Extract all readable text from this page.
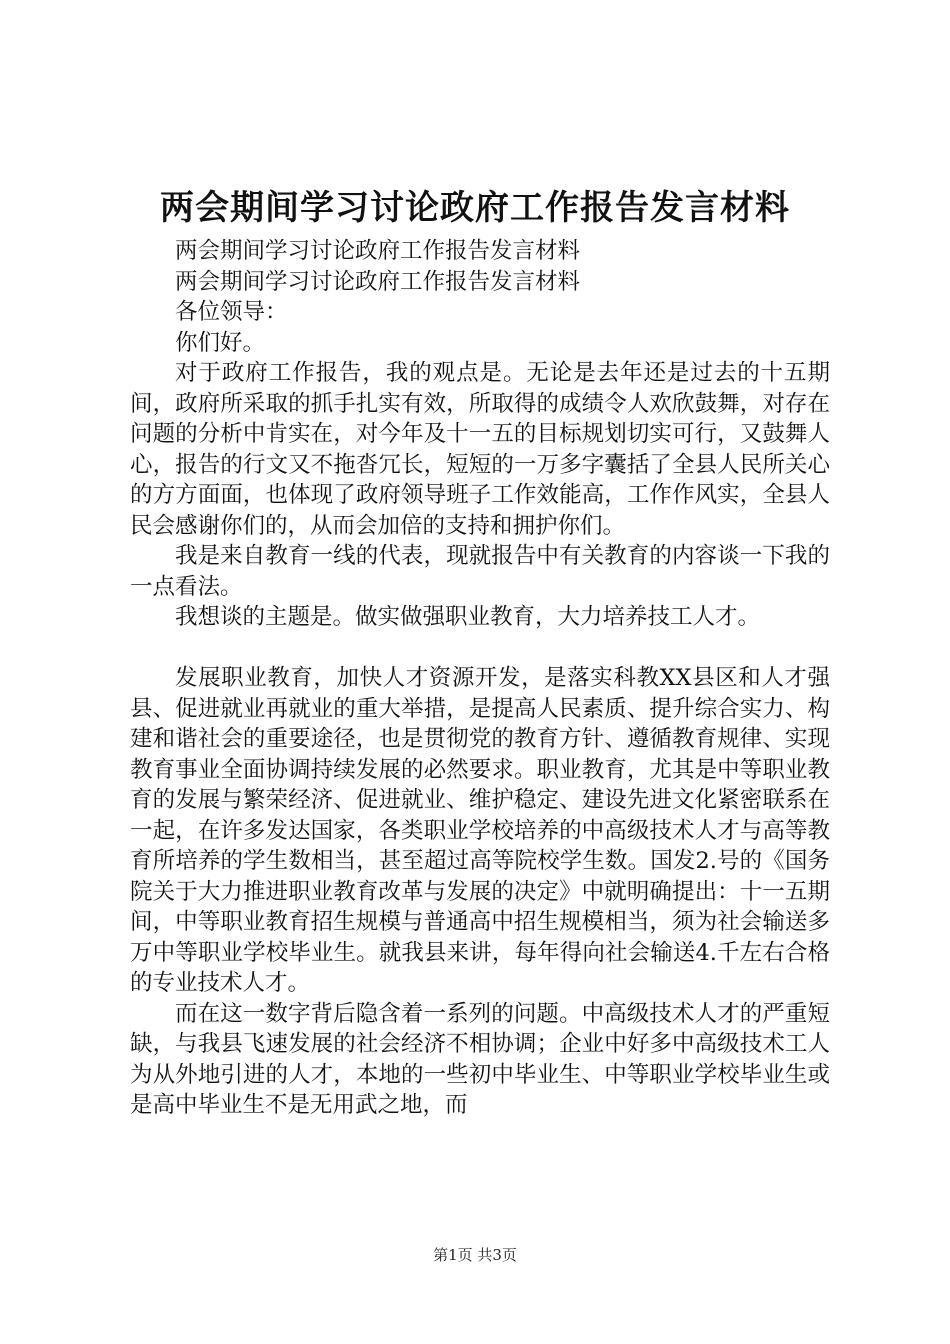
两会期间学习讨论政府工作报告发言材料

两会期间学习讨论政府工作报告发言材料

两会期间学习讨论政府工作报告发言材料

各位领导：

你们好。

对于政府工作报告，我的观点是。无论是去年还是过去的十五期间，政府所采取的抓手扎实有效，所取得的成绩令人欢欣鼓舞，对存在问题的分析中肯实在，对今年及十一五的目标规划切实可行，又鼓舞人心，报告的行文又不拖沓冗长，短短的一万多字囊括了全县人民所关心的方方面面，也体现了政府领导班子工作效能高，工作作风实，全县人民会感谢你们的，从而会加倍的支持和拥护你们。

我是来自教育一线的代表，现就报告中有关教育的内容谈一下我的一点看法。

我想谈的主题是。做实做强职业教育，大力培养技工人才。

发展职业教育，加快人才资源开发，是落实科教XX县区和人才强县、促进就业再就业的重大举措，是提高人民素质、提升综合实力、构建和谐社会的重要途径，也是贯彻党的教育方针、遵循教育规律、实现教育事业全面协调持续发展的必然要求。职业教育，尤其是中等职业教育的发展与繁荣经济、促进就业、维护稳定、建设先进文化紧密联系在一起，在许多发达国家，各类职业学校培养的中高级技术人才与高等教育所培养的学生数相当，甚至超过高等院校学生数。国发2.号的《国务院关于大力推进职业教育改革与发展的决定》中就明确提出：十一五期间，中等职业教育招生规模与普通高中招生规模相当，须为社会输送多万中等职业学校毕业生。就我县来讲，每年得向社会输送4.千左右合格的专业技术人才。

而在这一数字背后隐含着一系列的问题。中高级技术人才的严重短缺，与我县飞速发展的社会经济不相协调；企业中好多中高级技术工人为从外地引进的人才，本地的一些初中毕业生、中等职业学校毕业生或是高中毕业生不是无用武之地，而

第1页 共3页
